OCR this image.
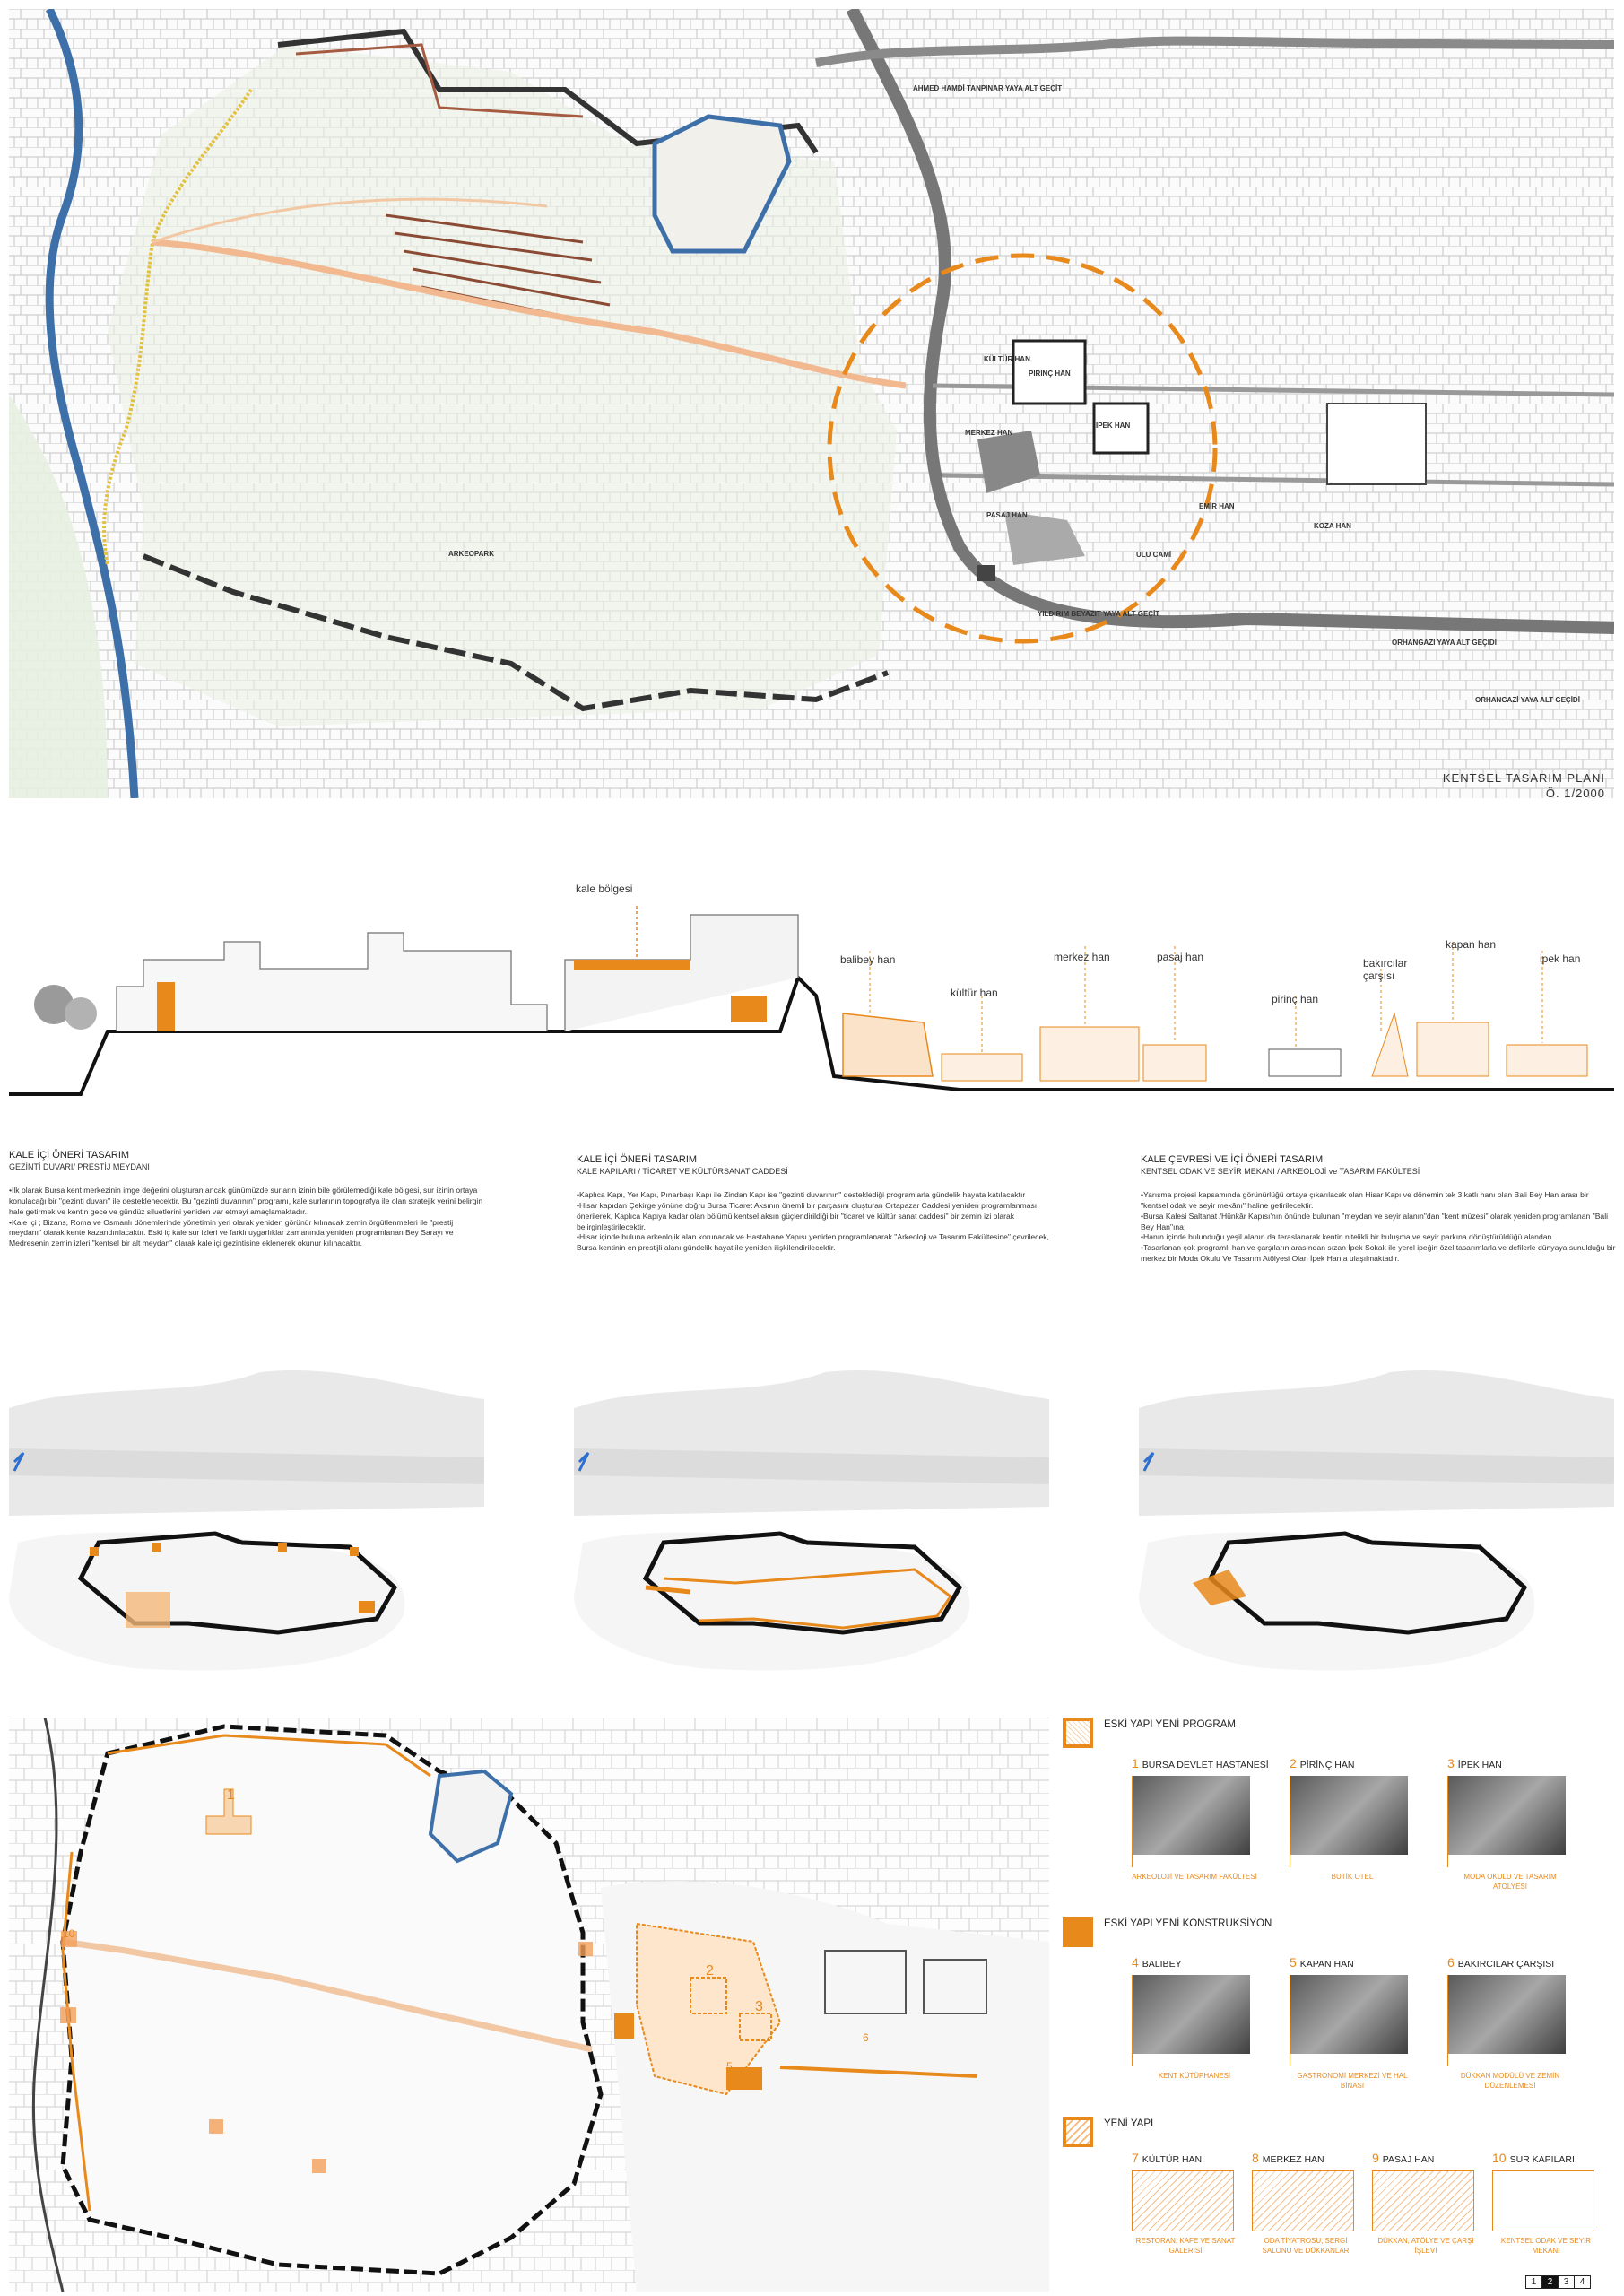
AHMED HAMDİ TANPINAR YAYA ALT GEÇİT
KÜLTÜR HAN
PİRİNÇ HAN
İPEK HAN
MERKEZ HAN
PASAJ HAN
EMİR HAN
KOZA HAN
ULU CAMİ
ARKEOPARK
YILDIRIM BEYAZIT YAYA ALT GEÇİT
ORHANGAZİ YAYA ALT GEÇİDİ
ORHANGAZİ YAYA ALT GEÇİDİ
KENTSEL TASARIM PLANI
Ö. 1/2000
kale bölgesi
balibey han
kültür han
merkez han	pasaj han
pirinç han
bakırcılar çarşısı
kapan han
ipek han
KALE İÇİ ÖNERİ TASARIM
GEZİNTİ DUVARI/ PRESTİJ MEYDANI
•İlk olarak Bursa kent merkezinin imge değerini oluşturan ancak günümüzde surların izinin bile görülemediği kale bölgesi, sur izinin ortaya konulacağı bir "gezinti duvarı" ile desteklenecektir. Bu "gezinti duvarının" programı, kale surlarının topografya ile olan stratejik yerini belirgin hale getirmek ve kentin gece ve gündüz siluetlerini yeniden var etmeyi amaçlamaktadır.
•Kale içi ; Bizans, Roma ve Osmanlı dönemlerinde yönetimin yeri olarak yeniden görünür kılınacak zemin örgütlenmeleri ile "prestij meydanı" olarak kente kazandırılacaktır. Eski iç kale sur izleri ve farklı uygarlıklar zamanında yeniden programlanan Bey Sarayı ve Medresenin zemin izleri "kentsel bir alt meydan" olarak kale içi gezintisine eklenerek okunur kılınacaktır.
KALE İÇİ ÖNERİ TASARIM
KALE KAPILARI / TİCARET VE KÜLTÜRSANAT CADDESİ
•Kaplıca Kapı, Yer Kapı, Pınarbaşı Kapı ile Zindan Kapı ise "gezinti duvarının" desteklediği programlarla gündelik hayata katılacaktır
•Hisar kapıdan Çekirge yönüne doğru Bursa Ticaret Aksının önemli bir parçasını oluşturan Ortapazar Caddesi yeniden programlanması önerilerek, Kaplıca Kapıya kadar olan bölümü kentsel aksın güçlendirildiği bir "ticaret ve kültür sanat caddesi" bir zemin izi olarak belirginleştirilecektir.
•Hisar içinde buluna arkeolojik alan korunacak ve Hastahane Yapısı yeniden programlanarak "Arkeoloji ve Tasarım Fakültesine" çevrilecek, Bursa kentinin en prestijli alanı gündelik hayat ile yeniden ilişkilendirilecektir.
KALE ÇEVRESİ VE İÇİ ÖNERİ TASARIM
KENTSEL ODAK VE SEYİR MEKANI / ARKEOLOJİ ve TASARIM FAKÜLTESİ
•Yarışma projesi kapsamında görünürlüğü ortaya çıkarılacak olan Hisar Kapı ve dönemin tek 3 katlı hanı olan Bali Bey Han arası bir "kentsel odak ve seyir mekânı" haline getirilecektir.
•Bursa Kalesi Saltanat /Hünkâr Kapısı'nın önünde bulunan "meydan ve seyir alanın"dan "kent müzesi" olarak yeniden programlanan "Bali Bey Han"ına;
•Hanın içinde bulunduğu yeşil alanın da teraslanarak kentin nitelikli bir buluşma ve seyir parkına dönüştürüldüğü alandan
•Tasarlanan çok programlı han ve çarşıların arasından sızan İpek Sokak ile yerel ipeğin özel tasarımlarla ve defilerle dünyaya sunulduğu bir merkez bir Moda Okulu Ve Tasarım Atölyesi Olan İpek Han a ulaşılmaktadır.
1
10
2
3
6
5
ESKİ YAPI YENİ PROGRAM
1 BURSA DEVLET HASTANESİ
ARKEOLOJİ VE TASARIM FAKÜLTESİ
2 PİRİNÇ HAN
BUTİK OTEL
3 İPEK HAN
MODA OKULU VE TASARIM ATÖLYESİ
ESKİ YAPI YENİ KONSTRUKSİYON
4 BALIBEY
KENT KÜTÜPHANESİ
5 KAPAN HAN
GASTRONOMİ MERKEZİ VE HAL BİNASI
6 BAKIRCILAR ÇARŞISI
DÜKKAN MODÜLÜ VE ZEMİN DÜZENLEMESİ
YENİ YAPI
7 KÜLTÜR HAN
RESTORAN, KAFE VE SANAT GALERİSİ
8 MERKEZ HAN
ODA TİYATROSU, SERGİ SALONU VE DÜKKANLAR
9 PASAJ HAN
DÜKKAN, ATÖLYE VE ÇARŞI İŞLEVİ
10 SUR KAPILARI
KENTSEL ODAK VE SEYİR MEKANI
1 2 3 4
